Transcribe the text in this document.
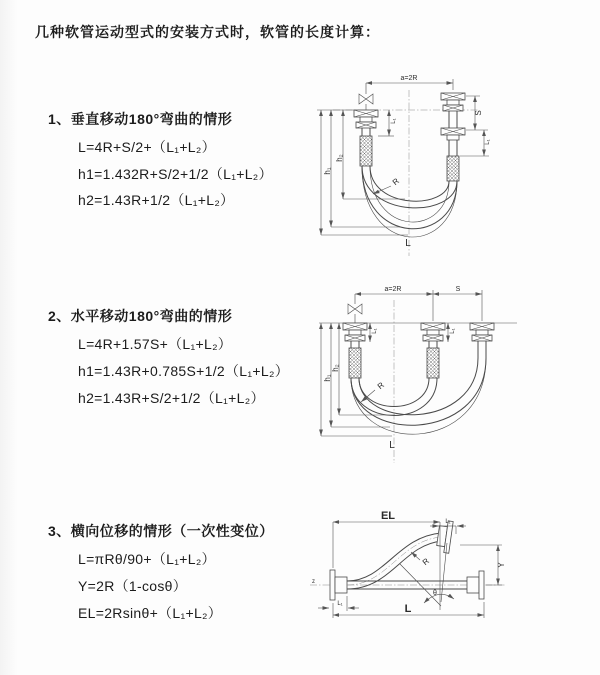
几种软管运动型式的安装方式时，软管的长度计算：
1、垂直移动180°弯曲的情形
L=4R+S/2+（L₁+L₂）
h1=1.432R+S/2+1/2（L₁+L₂）
h2=1.43R+1/2（L₁+L₂）
2、水平移动180°弯曲的情形
L=4R+1.57S+（L₁+L₂）
h1=1.43R+0.785S+1/2（L₁+L₂）
h2=1.43R+S/2+1/2（L₁+L₂）
3、横向位移的情形（一次性变位）
L=πRθ/90+（L₁+L₂）
Y=2R（1-cosθ）
EL=2Rsinθ+（L₁+L₂）
a=2R
L
h₁
h₂
S
L₁
L₁
R
a=2R	S
L₁	L₁
L
h₁
h₂
R
z
θ
R
EL	L₁
Y
L
L₁
